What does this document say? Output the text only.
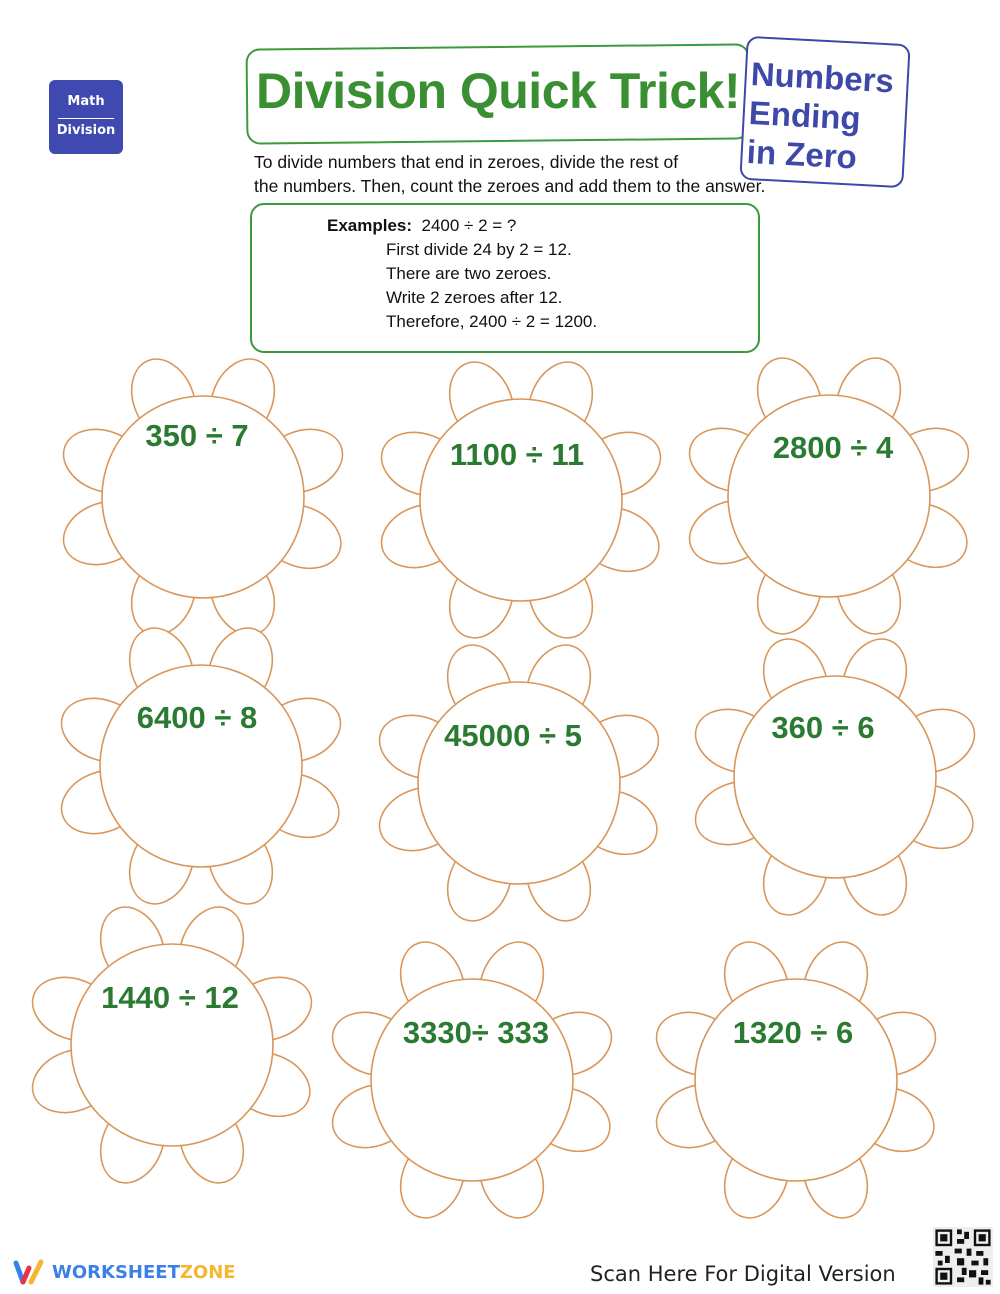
Math
Division
Division Quick Trick! Numbers
Ending
in Zero
To divide numbers that end in zeroes, divide the rest of
the numbers. Then, count the zeroes and add them to the answer.
Examples: 2400 ÷ 2 = ?
First divide 24 by 2 = 12.
There are two zeroes.
Write 2 zeroes after 12.
Therefore, 2400 ÷ 2 = 1200.
350 ÷ 7
1100 ÷ 11	2800 ÷ 4
6400 ÷ 8
45000 ÷ 5	360 ÷ 6
1440 ÷ 12
3330÷ 333	1320 ÷ 6
WORKSHEETZONE	Scan Here For Digital Version
